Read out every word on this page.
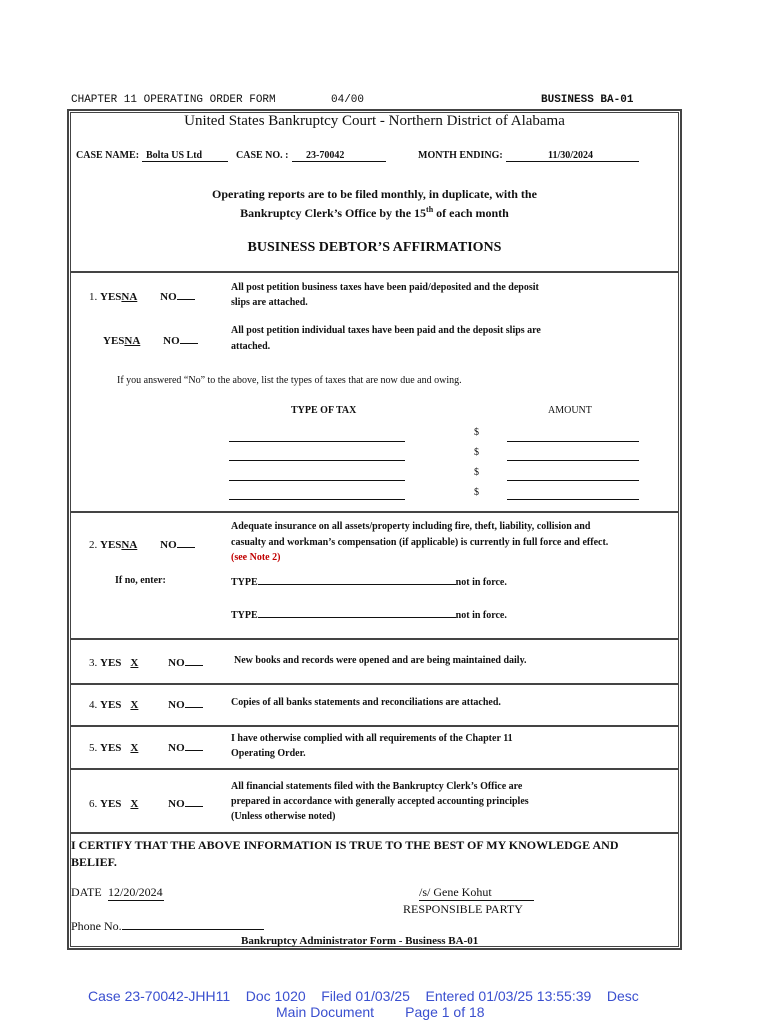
CHAPTER 11 OPERATING ORDER FORM	04/00	BUSINESS BA-01
United States Bankruptcy Court - Northern District of Alabama
CASE NAME: Bolta US Ltd	CASE NO. :	23-70042	MONTH ENDING:	11/30/2024
Operating reports are to be filed monthly, in duplicate, with the
Bankruptcy Clerk’s Office by the 15th of each month
BUSINESS DEBTOR’S AFFIRMATIONS
1. YESNA NO
All post petition business taxes have been paid/deposited and the deposit
slips are attached.
YESNA NO
All post petition individual taxes have been paid and the deposit slips are
attached.
If you answered “No” to the above, list the types of taxes that are now due and owing.
TYPE OF TAX	AMOUNT
$
$
$
$
2. YESNA NO
Adequate insurance on all assets/property including fire, theft, liability, collision and
casualty and workman’s compensation (if applicable) is currently in full force and effect.
(see Note 2)
If no, enter:	TYPE	not in force.
TYPE	not in force.
3. YES X	NO	New books and records were opened and are being maintained daily.
4. YES X	NO	Copies of all banks statements and reconciliations are attached.
5. YES X	NO
I have otherwise complied with all requirements of the Chapter 11
Operating Order.
6. YES X	NO
All financial statements filed with the Bankruptcy Clerk’s Office are
prepared in accordance with generally accepted accounting principles
(Unless otherwise noted)
I CERTIFY THAT THE ABOVE INFORMATION IS TRUE TO THE BEST OF MY KNOWLEDGE AND
BELIEF.
DATE 12/20/2024	/s/ Gene Kohut
RESPONSIBLE PARTY
Phone No.
Bankruptcy Administrator Form - Business BA-01
Case 23-70042-JHH11    Doc 1020    Filed 01/03/25    Entered 01/03/25 13:55:39    Desc
Main Document        Page 1 of 18
